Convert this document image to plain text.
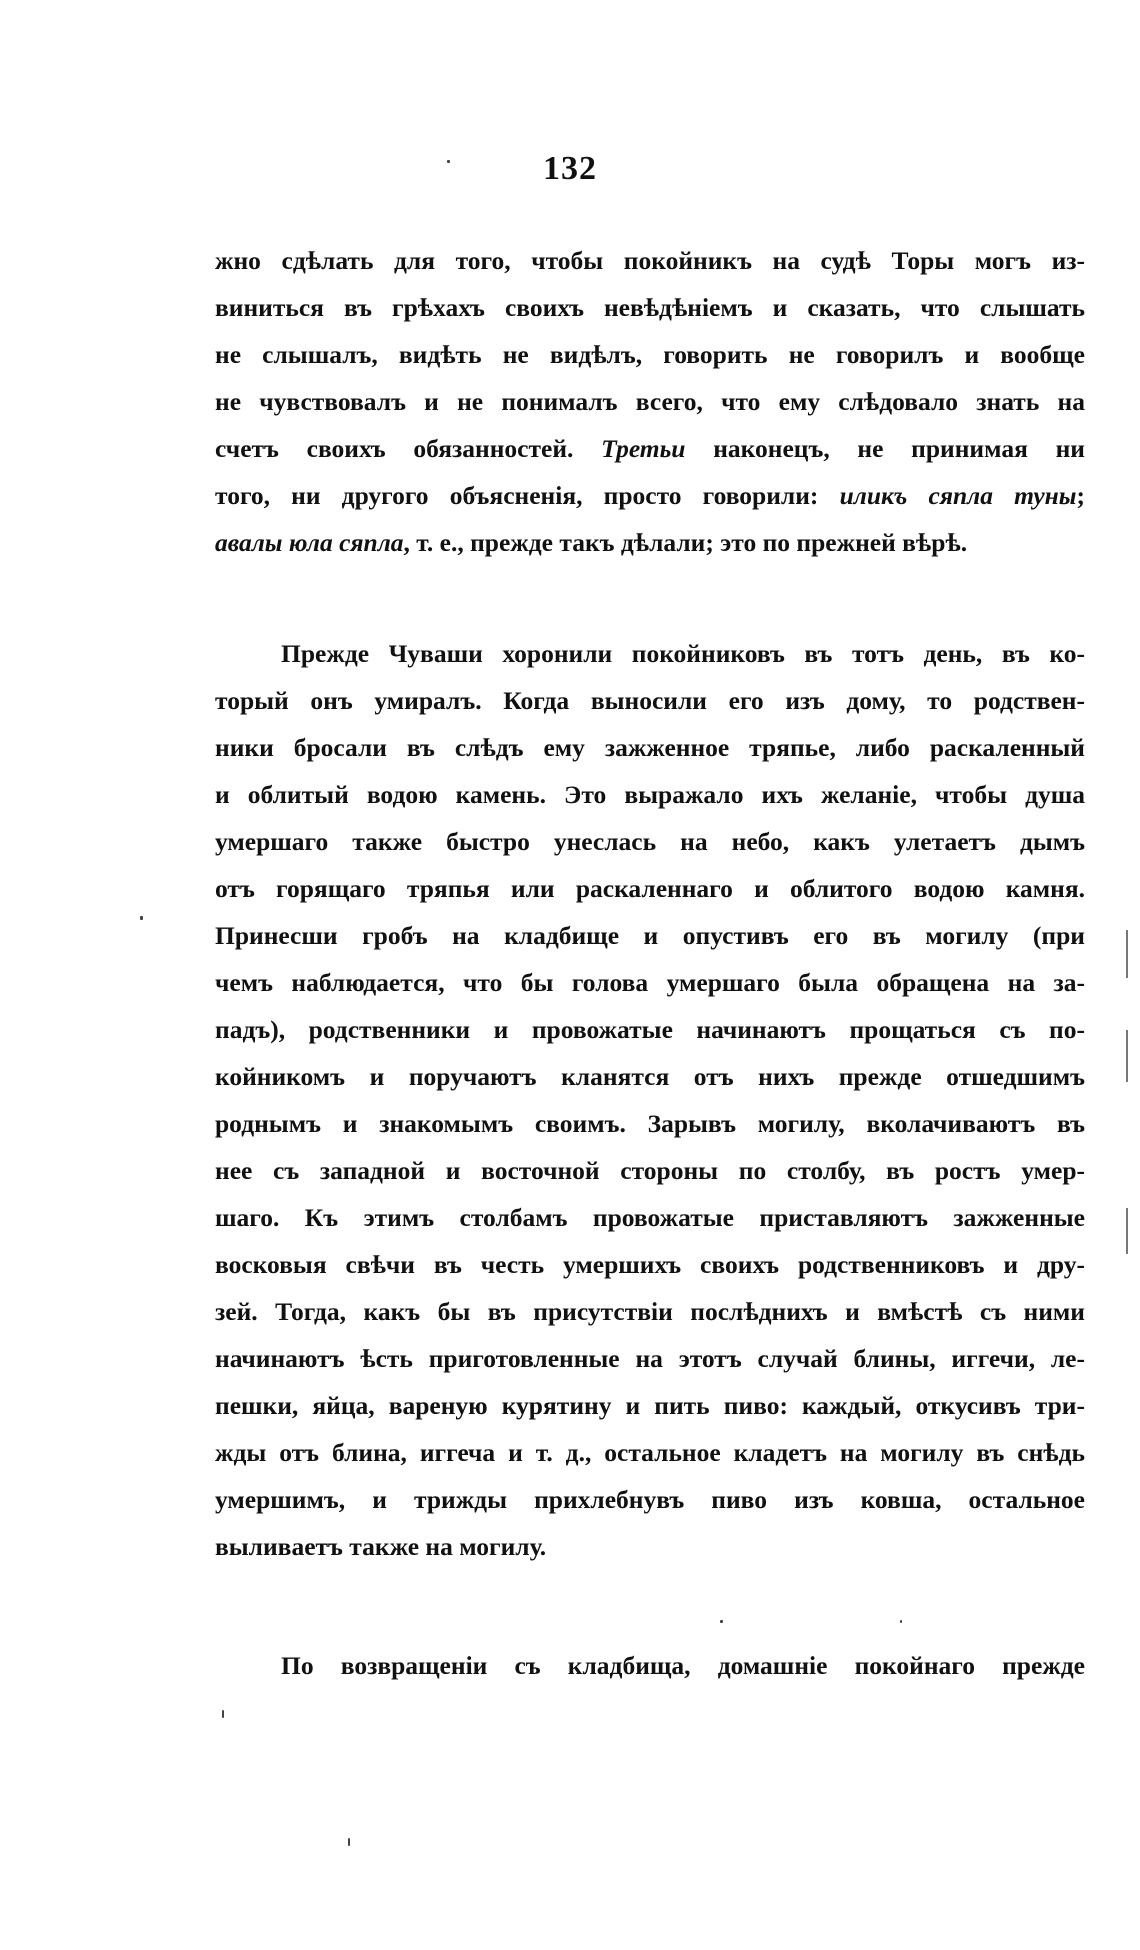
132
жно сдѣлать для того, чтобы покойникъ на судѣ Торы могъ из-
виниться въ грѣхахъ своихъ невѣдѣніемъ и сказать, что слышать
не слышалъ, видѣть не видѣлъ, говорить не говорилъ и вообще
не чувствовалъ и не понималъ всего, что ему слѣдовало знать на
счетъ своихъ обязанностей. Третьи наконецъ, не принимая ни
того, ни другого объясненія, просто говорили: иликъ сяпла туны;
авалы юла сяпла, т. е., прежде такъ дѣлали; это по прежней вѣрѣ.
Прежде Чуваши хоронили покойниковъ въ тотъ день, въ ко-
торый онъ умиралъ. Когда выносили его изъ дому, то родствен-
ники бросали въ слѣдъ ему зажженное тряпье, либо раскаленный
и облитый водою камень. Это выражало ихъ желаніе, чтобы душа
умершаго также быстро унеслась на небо, какъ улетаетъ дымъ
отъ горящаго тряпья или раскаленнаго и облитого водою камня.
Принесши гробъ на кладбище и опустивъ его въ могилу (при
чемъ наблюдается, что бы голова умершаго была обращена на за-
падъ), родственники и провожатые начинаютъ прощаться съ по-
койникомъ и поручаютъ кланятся отъ нихъ прежде отшедшимъ
роднымъ и знакомымъ своимъ. Зарывъ могилу, вколачиваютъ въ
нее съ западной и восточной стороны по столбу, въ ростъ умер-
шаго. Къ этимъ столбамъ провожатые приставляютъ зажженные
восковыя свѣчи въ честь умершихъ своихъ родственниковъ и дру-
зей. Тогда, какъ бы въ присутствіи послѣднихъ и вмѣстѣ съ ними
начинаютъ ѣсть приготовленные на этотъ случай блины, иггечи, ле-
пешки, яйца, вареную курятину и пить пиво: каждый, откусивъ три-
жды отъ блина, иггеча и т. д., остальное кладетъ на могилу въ снѣдь
умершимъ, и трижды прихлебнувъ пиво изъ ковша, остальное
выливаетъ также на могилу.
По возвращеніи съ кладбища, домашніе покойнаго прежде
